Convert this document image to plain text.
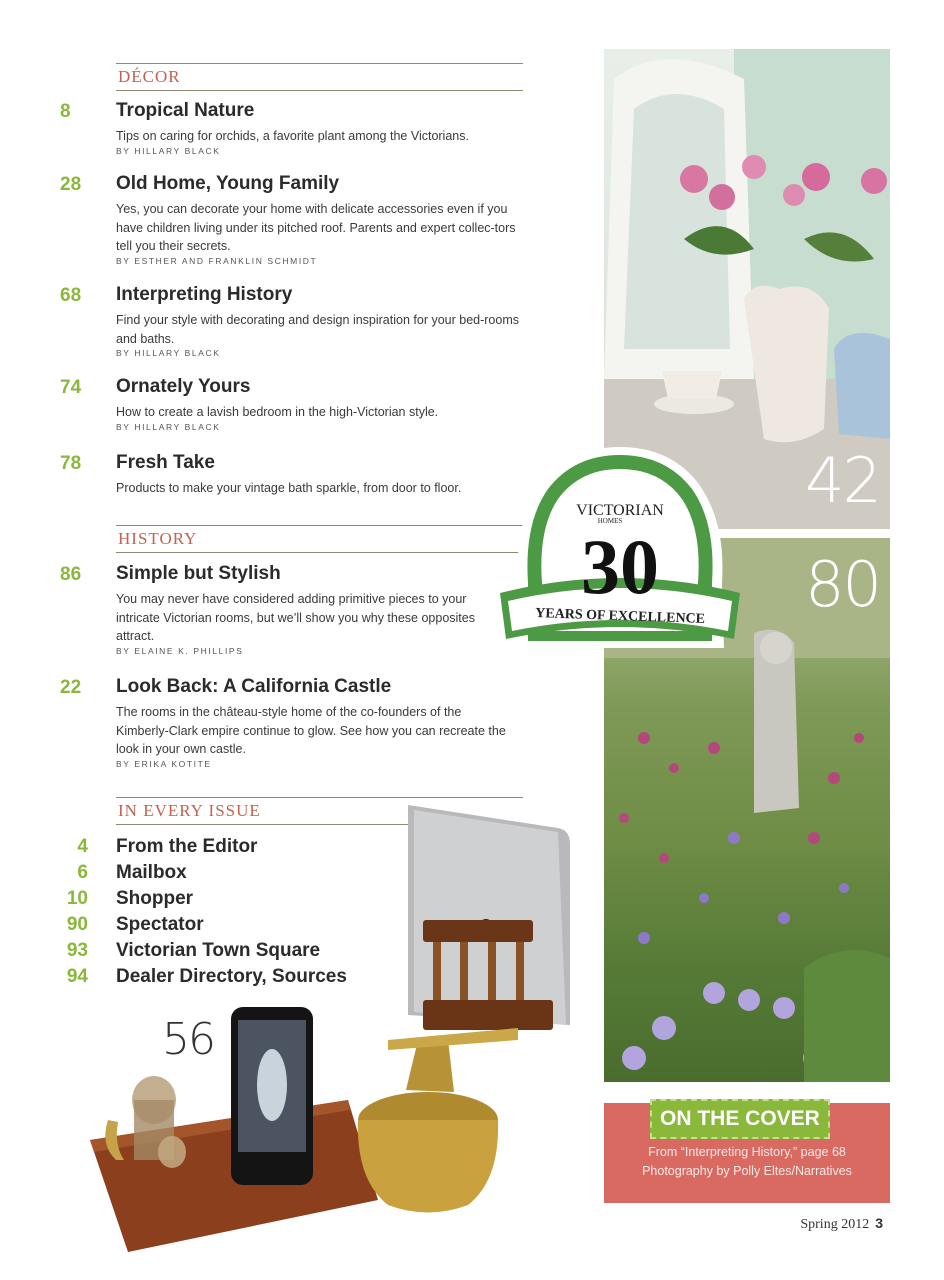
DÉCOR
8	Tropical Nature
Tips on caring for orchids, a favorite plant among the Victorians.
BY HILLARY BLACK
28	Old Home, Young Family
Yes, you can decorate your home with delicate accessories even if you have children living under its pitched roof. Parents and expert collec-tors tell you their secrets.
BY ESTHER AND FRANKLIN SCHMIDT
68	Interpreting History
Find your style with decorating and design inspiration for your bed-rooms and baths.
BY HILLARY BLACK
74	Ornately Yours
How to create a lavish bedroom in the high-Victorian style.
BY HILLARY BLACK
78	Fresh Take
Products to make your vintage bath sparkle, from door to floor.
HISTORY
86	Simple but Stylish
You may never have considered adding primitive pieces to your intricate Victorian rooms, but we’ll show you why these opposites attract.
BY ELAINE K. PHILLIPS
22	Look Back: A California Castle
The rooms in the château-style home of the co-founders of the Kimberly-Clark empire continue to glow. See how you can recreate the look in your own castle.
BY ERIKA KOTITE
IN EVERY ISSUE
4 From the Editor
6 Mailbox
10 Shopper
90 Spectator
93 Victorian Town Square
94 Dealer Directory, Sources
56
42
80
VICTORIAN
HOMES
30
YEARS OF EXCELLENCE
ON THE COVER
From “Interpreting History,” page 68
Photography by Polly Eltes/Narratives
Spring 2012 3
